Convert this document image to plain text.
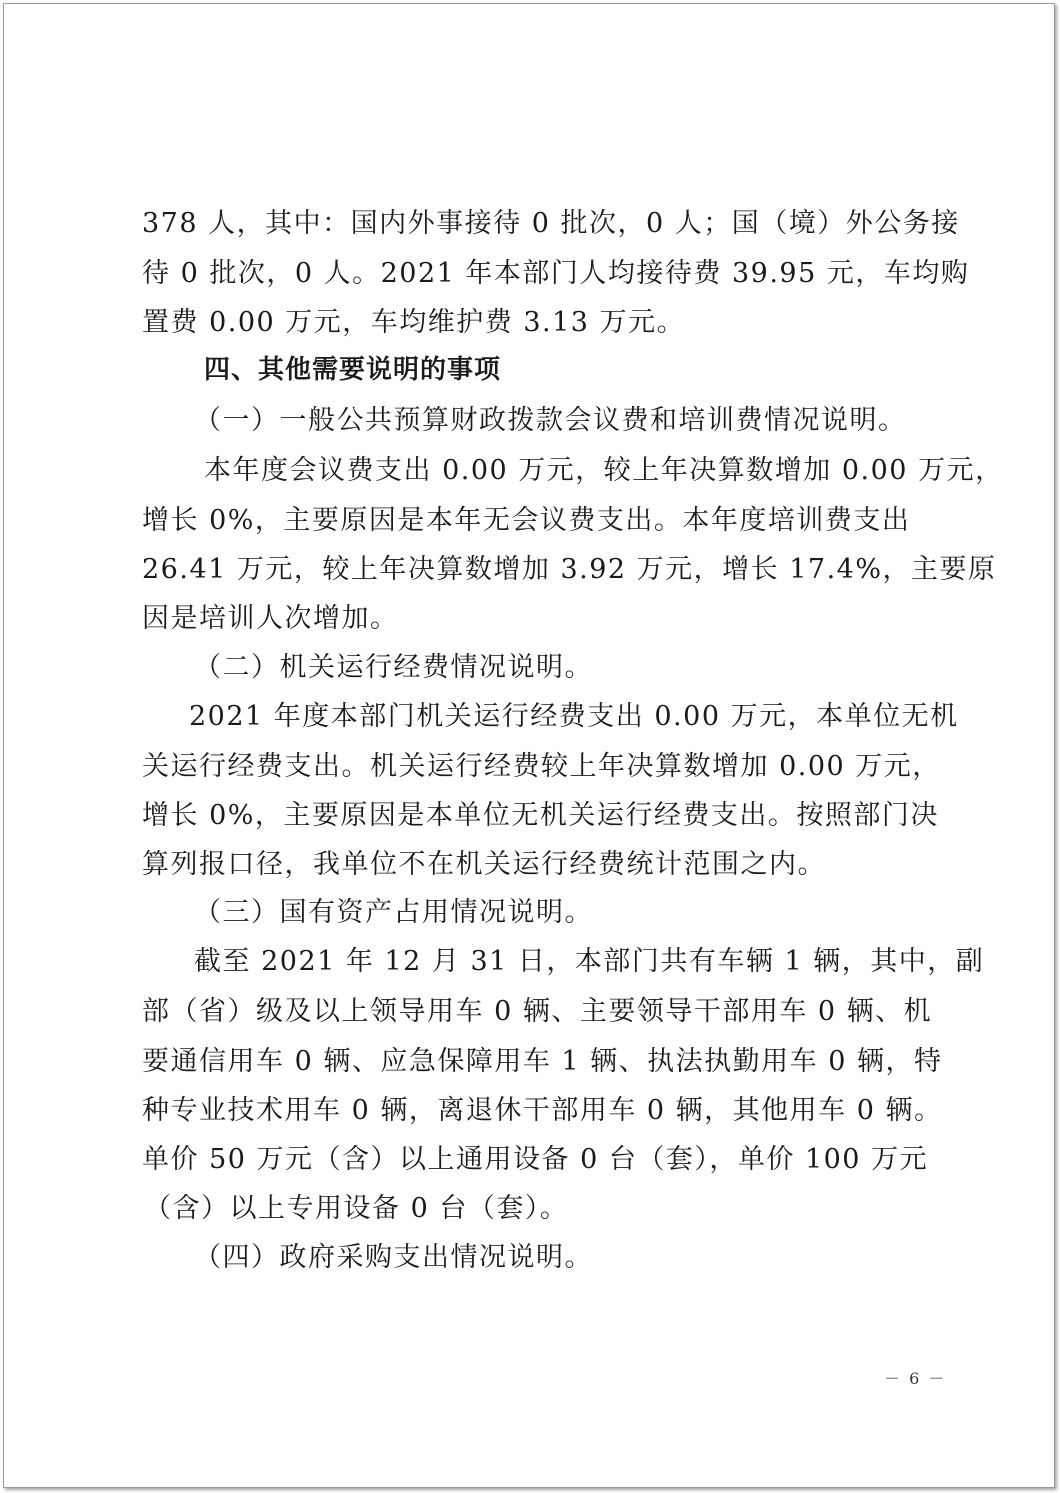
378 人，其中：国内外事接待 0 批次，0 人；国（境）外公务接
待 0 批次，0 人。2021 年本部门人均接待费 39.95 元，车均购
置费 0.00 万元，车均维护费 3.13 万元。
四、其他需要说明的事项
（一）一般公共预算财政拨款会议费和培训费情况说明。
本年度会议费支出 0.00 万元，较上年决算数增加 0.00 万元，
增长 0%，主要原因是本年无会议费支出。本年度培训费支出
26.41 万元，较上年决算数增加 3.92 万元，增长 17.4%，主要原
因是培训人次增加。
（二）机关运行经费情况说明。
2021 年度本部门机关运行经费支出 0.00 万元，本单位无机
关运行经费支出。机关运行经费较上年决算数增加 0.00 万元，
增长 0%，主要原因是本单位无机关运行经费支出。按照部门决
算列报口径，我单位不在机关运行经费统计范围之内。
（三）国有资产占用情况说明。
截至 2021 年 12 月 31 日，本部门共有车辆 1 辆，其中，副
部（省）级及以上领导用车 0 辆、主要领导干部用车 0 辆、机
要通信用车 0 辆、应急保障用车 1 辆、执法执勤用车 0 辆，特
种专业技术用车 0 辆，离退休干部用车 0 辆，其他用车 0 辆。
单价 50 万元（含）以上通用设备 0 台（套），单价 100 万元
（含）以上专用设备 0 台（套）。
（四）政府采购支出情况说明。
－ 6 －
